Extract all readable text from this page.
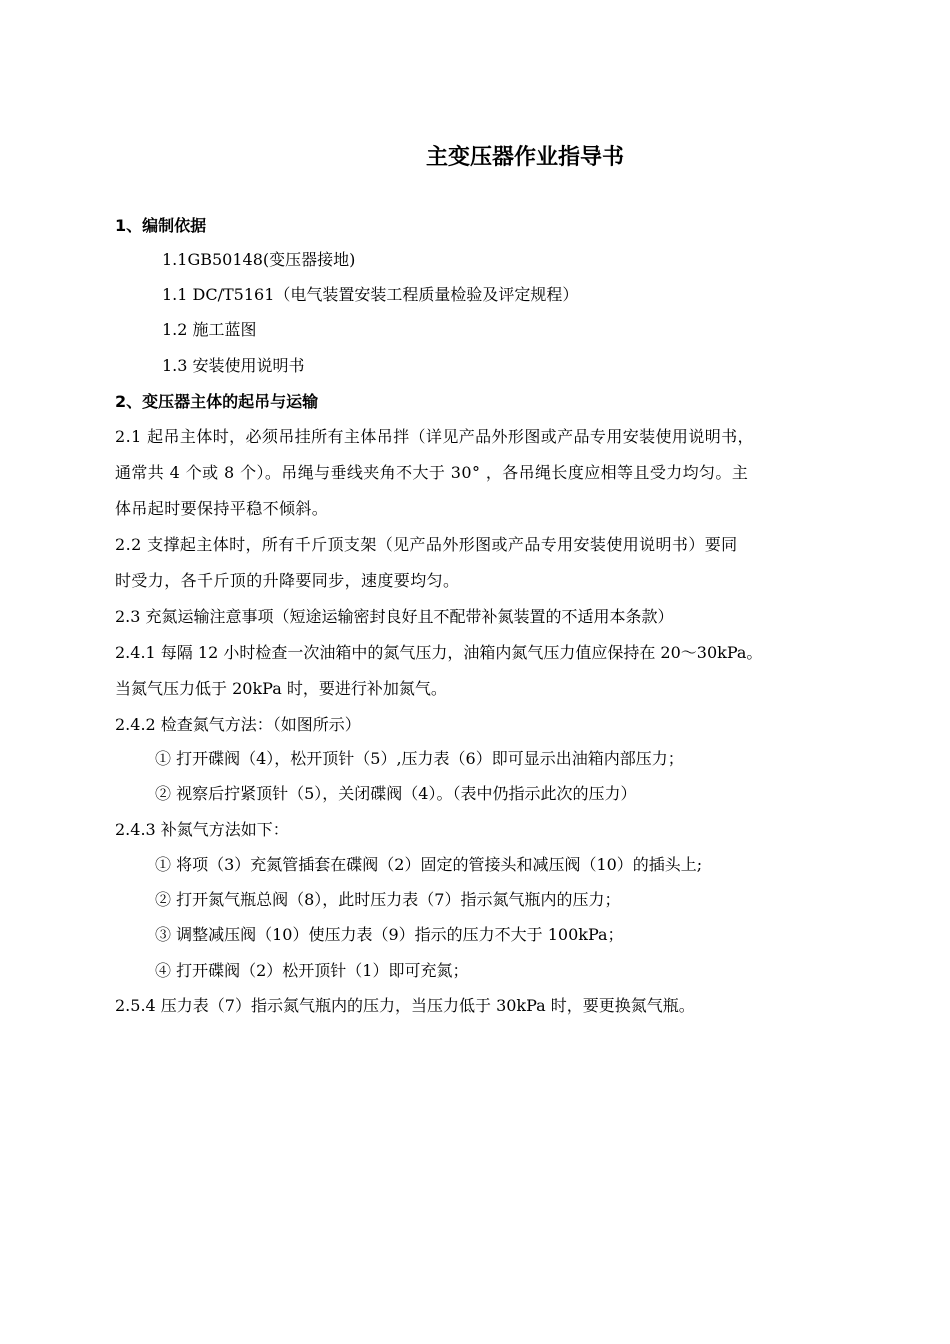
主变压器作业指导书
1、编制依据
1.1GB50148(变压器接地)
1.1 DC/T5161（电气装置安装工程质量检验及评定规程）
1.2 施工蓝图
1.3 安装使用说明书
2、变压器主体的起吊与运输
2.1 起吊主体时，必须吊挂所有主体吊拌（详见产品外形图或产品专用安装使用说明书，
通常共 4 个或 8 个）。吊绳与垂线夹角不大于 30° ，各吊绳长度应相等且受力均匀。主
体吊起时要保持平稳不倾斜。
2.2 支撑起主体时，所有千斤顶支架（见产品外形图或产品专用安装使用说明书）要同
时受力，各千斤顶的升降要同步，速度要均匀。
2.3 充氮运输注意事项（短途运输密封良好且不配带补氮装置的不适用本条款）
2.4.1 每隔 12 小时检查一次油箱中的氮气压力，油箱内氮气压力值应保持在 20～30kPa。
当氮气压力低于 20kPa 时，要进行补加氮气。
2.4.2 检查氮气方法：（如图所示）
① 打开碟阀（4），松开顶针（5）,压力表（6）即可显示出油箱内部压力；
② 视察后拧紧顶针（5），关闭碟阀（4）。（表中仍指示此次的压力）
2.4.3 补氮气方法如下：
① 将项（3）充氮管插套在碟阀（2）固定的管接头和减压阀（10）的插头上;
② 打开氮气瓶总阀（8），此时压力表（7）指示氮气瓶内的压力；
③ 调整减压阀（10）使压力表（9）指示的压力不大于 100kPa；
④ 打开碟阀（2）松开顶针（1）即可充氮；
2.5.4 压力表（7）指示氮气瓶内的压力，当压力低于 30kPa 时，要更换氮气瓶。
